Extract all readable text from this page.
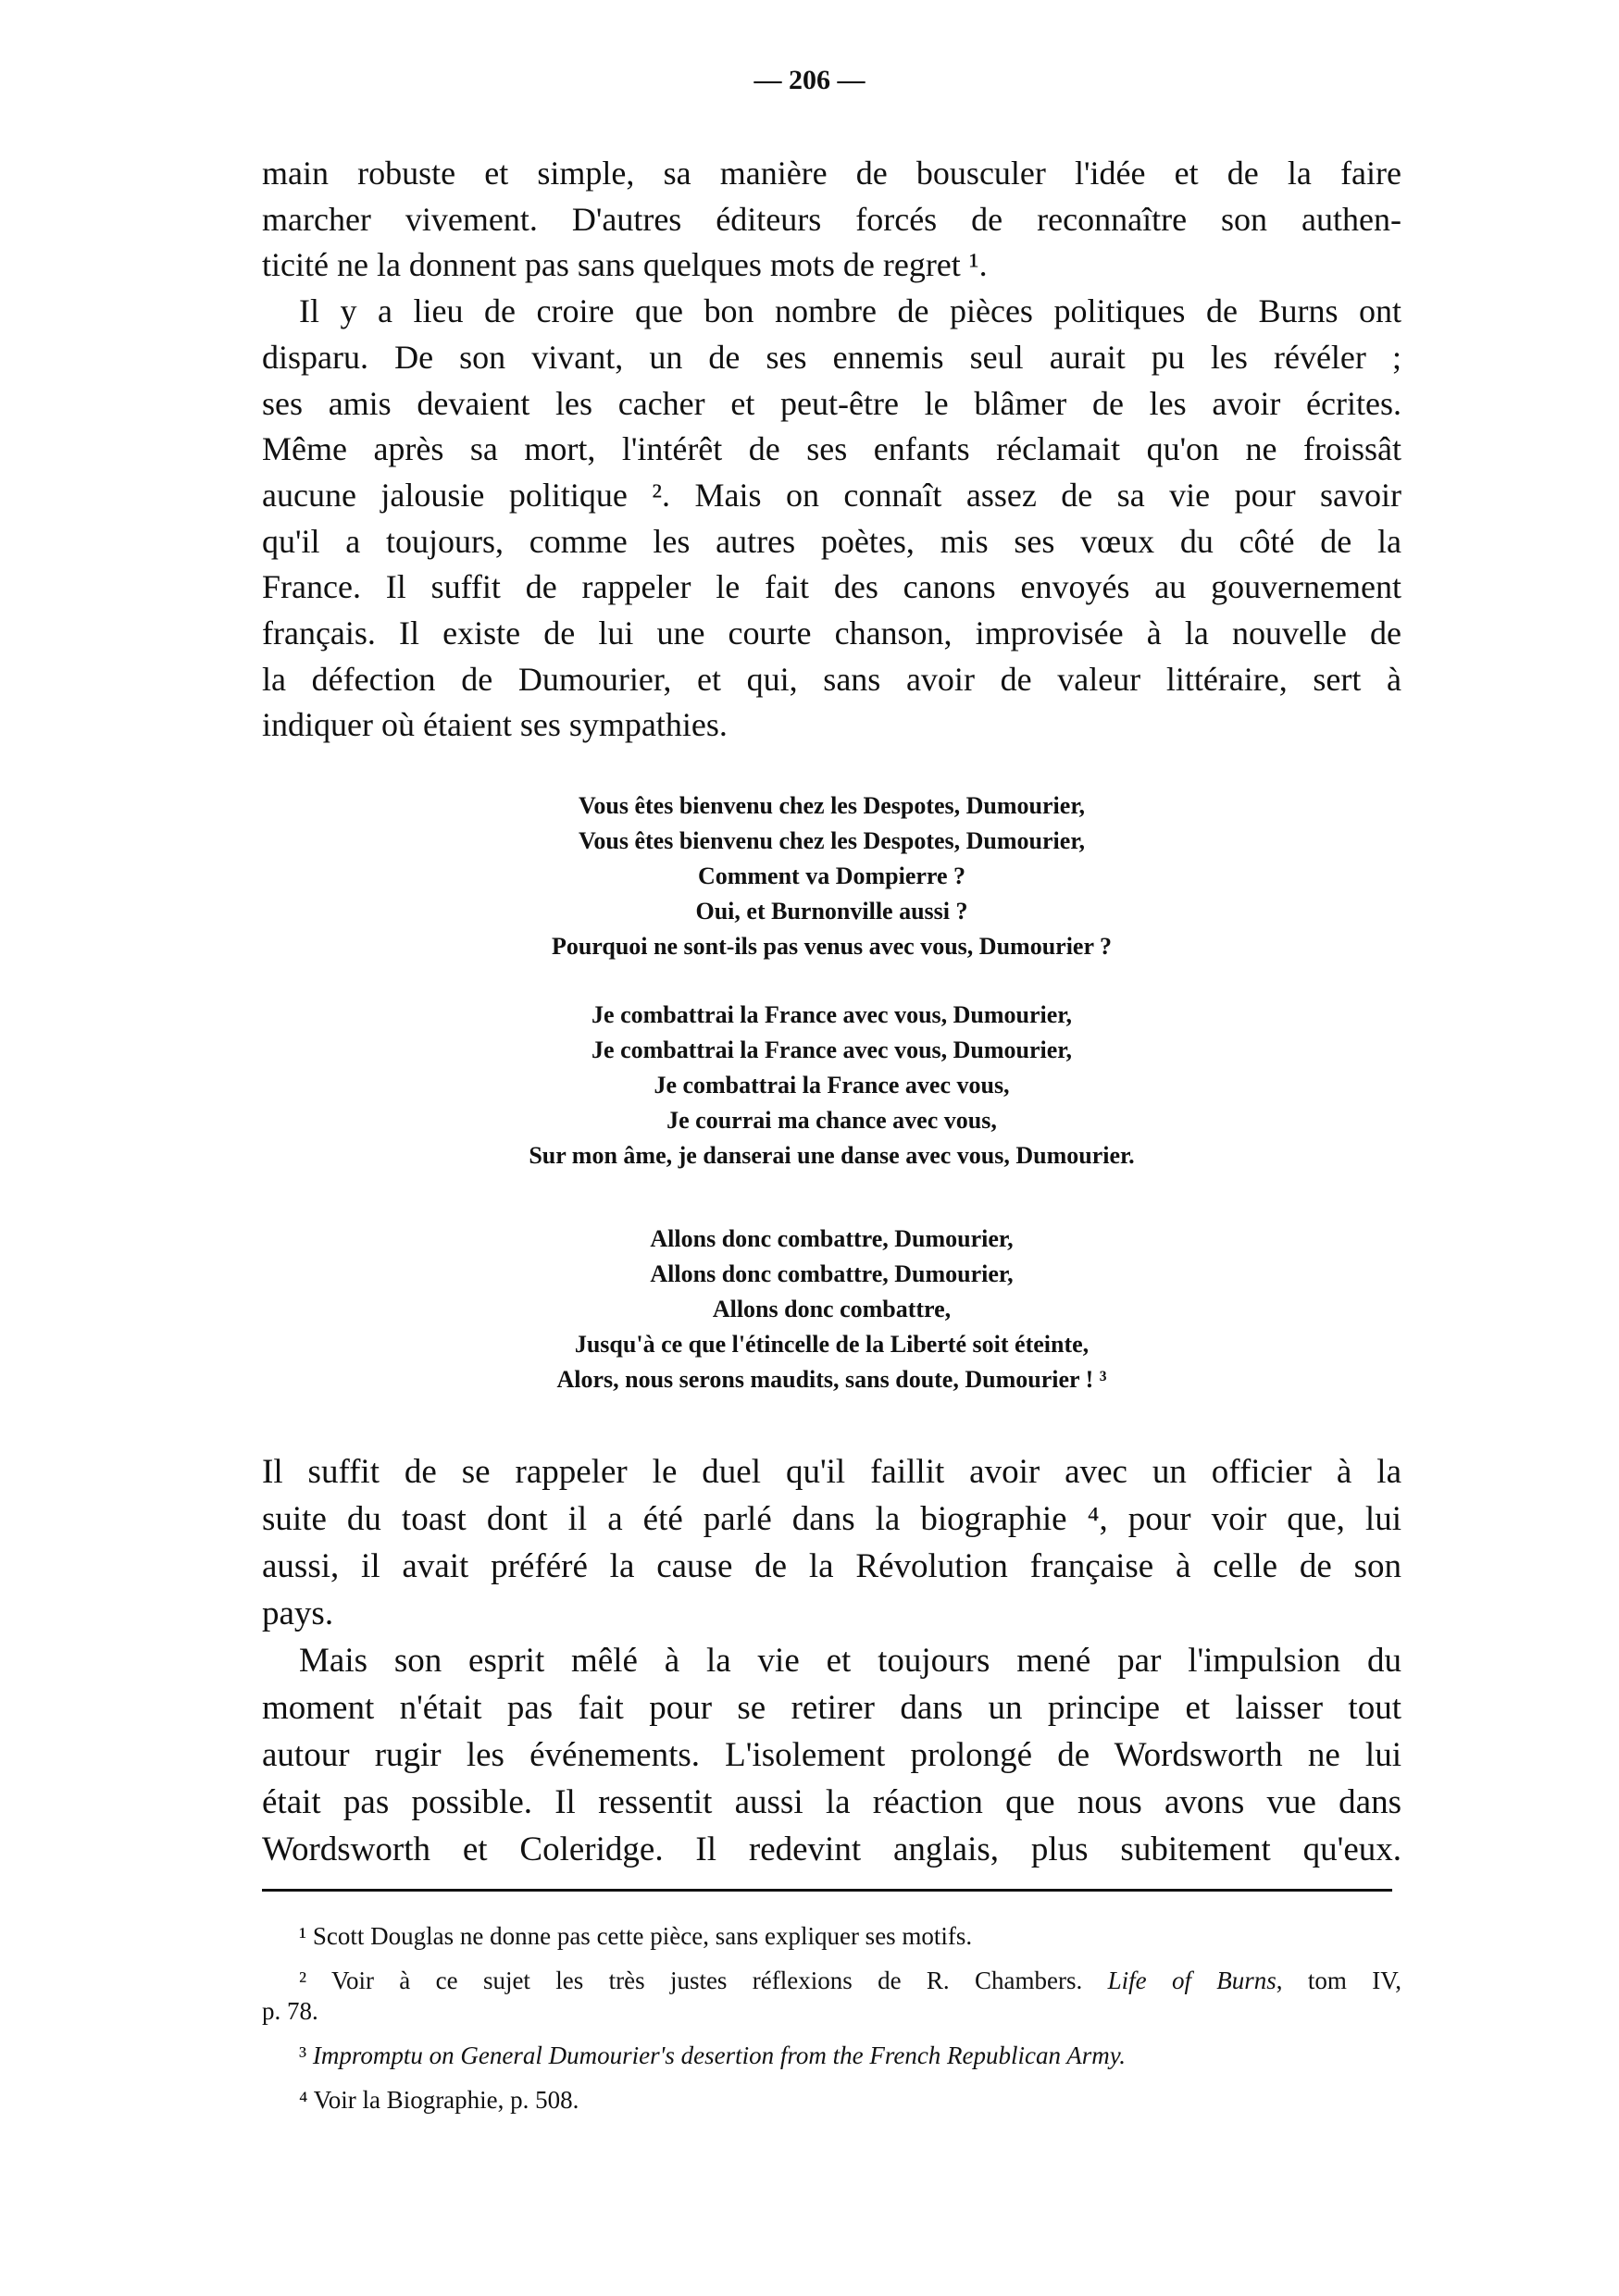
— 206 —
main robuste et simple, sa manière de bousculer l'idée et de la faire
marcher vivement. D'autres éditeurs forcés de reconnaître son authen-
ticité ne la donnent pas sans quelques mots de regret ¹.
Il y a lieu de croire que bon nombre de pièces politiques de Burns ont
disparu. De son vivant, un de ses ennemis seul aurait pu les révéler ;
ses amis devaient les cacher et peut-être le blâmer de les avoir écrites.
Même après sa mort, l'intérêt de ses enfants réclamait qu'on ne froissât
aucune jalousie politique ². Mais on connaît assez de sa vie pour savoir
qu'il a toujours, comme les autres poètes, mis ses vœux du côté de la
France. Il suffit de rappeler le fait des canons envoyés au gouvernement
français. Il existe de lui une courte chanson, improvisée à la nouvelle de
la défection de Dumourier, et qui, sans avoir de valeur littéraire, sert à
indiquer où étaient ses sympathies.
Vous êtes bienvenu chez les Despotes, Dumourier,
Vous êtes bienvenu chez les Despotes, Dumourier,
Comment va Dompierre ?
Oui, et Burnonville aussi ?
Pourquoi ne sont-ils pas venus avec vous, Dumourier ?
Je combattrai la France avec vous, Dumourier,
Je combattrai la France avec vous, Dumourier,
Je combattrai la France avec vous,
Je courrai ma chance avec vous,
Sur mon âme, je danserai une danse avec vous, Dumourier.
Allons donc combattre, Dumourier,
Allons donc combattre, Dumourier,
Allons donc combattre,
Jusqu'à ce que l'étincelle de la Liberté soit éteinte,
Alors, nous serons maudits, sans doute, Dumourier ! ³
Il suffit de se rappeler le duel qu'il faillit avoir avec un officier à la
suite du toast dont il a été parlé dans la biographie ⁴, pour voir que, lui
aussi, il avait préféré la cause de la Révolution française à celle de son
pays.
Mais son esprit mêlé à la vie et toujours mené par l'impulsion du
moment n'était pas fait pour se retirer dans un principe et laisser tout
autour rugir les événements. L'isolement prolongé de Wordsworth ne lui
était pas possible. Il ressentit aussi la réaction que nous avons vue dans
Wordsworth et Coleridge. Il redevint anglais, plus subitement qu'eux.
¹ Scott Douglas ne donne pas cette pièce, sans expliquer ses motifs.
² Voir à ce sujet les très justes réflexions de R. Chambers. Life of Burns, tom IV,
p. 78.
³ Impromptu on General Dumourier's desertion from the French Republican Army.
⁴ Voir la Biographie, p. 508.
